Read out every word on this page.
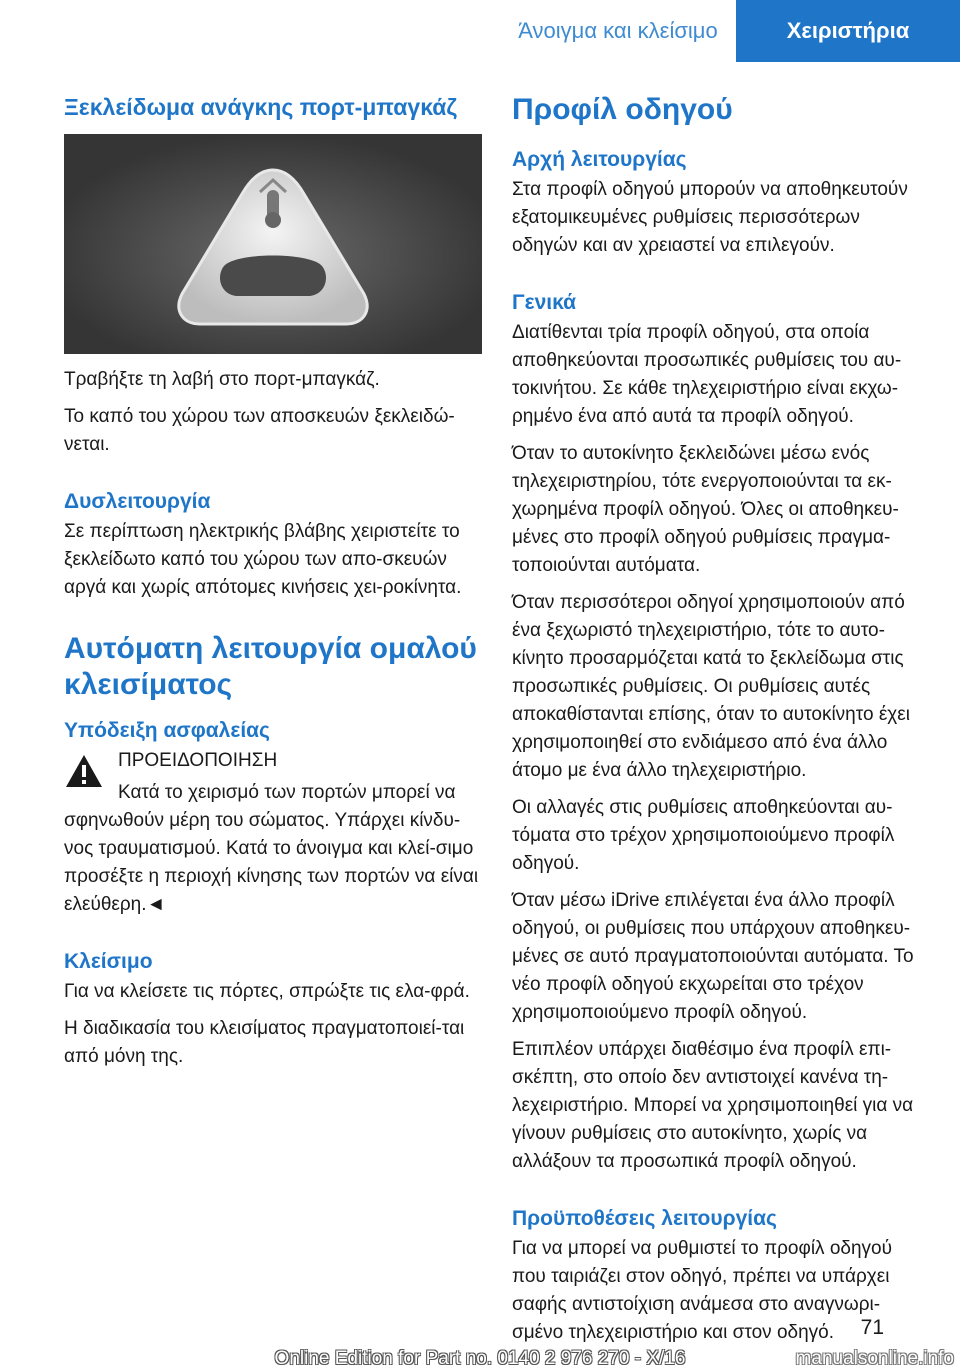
Άνοιγμα και κλείσιμο	Χειριστήρια
Ξεκλείδωμα ανάγκης πορτ-μπαγκάζ

Τραβήξτε τη λαβή στο πορτ-μπαγκάζ.

Το καπό του χώρου των αποσκευών ξεκλειδώ-νεται.

Δυσλειτουργία

Σε περίπτωση ηλεκτρικής βλάβης χειριστείτε το ξεκλείδωτο καπό του χώρου των απο-σκευών αργά και χωρίς απότομες κινήσεις χει-ροκίνητα.

Αυτόματη λειτουργία ομαλού κλεισίματος
Υπόδειξη ασφαλείας

ΠΡΟΕΙΔΟΠΟΙΗΣΗ

Κατά το χειρισμό των πορτών μπορεί να σφηνωθούν μέρη του σώματος. Υπάρχει κίνδυ-νος τραυματισμού. Κατά το άνοιγμα και κλεί-σιμο προσέξτε η περιοχή κίνησης των πορτών να είναι ελεύθερη.◄

Κλείσιμο

Για να κλείσετε τις πόρτες, σπρώξτε τις ελα-φρά.

Η διαδικασία του κλεισίματος πραγματοποιεί-ται από μόνη της.

Προφίλ οδηγού
Αρχή λειτουργίας

Στα προφίλ οδηγού μπορούν να αποθηκευτούν εξατομικευμένες ρυθμίσεις περισσότερων οδηγών και αν χρειαστεί να επιλεγούν.

Γενικά

Διατίθενται τρία προφίλ οδηγού, στα οποία αποθηκεύονται προσωπικές ρυθμίσεις του αυ-τοκινήτου. Σε κάθε τηλεχειριστήριο είναι εκχω-ρημένο ένα από αυτά τα προφίλ οδηγού.

Όταν το αυτοκίνητο ξεκλειδώνει μέσω ενός τηλεχειριστηρίου, τότε ενεργοποιούνται τα εκ-χωρημένα προφίλ οδηγού. Όλες οι αποθηκευ-μένες στο προφίλ οδηγού ρυθμίσεις πραγμα-τοποιούνται αυτόματα.

Όταν περισσότεροι οδηγοί χρησιμοποιούν από ένα ξεχωριστό τηλεχειριστήριο, τότε το αυτο-κίνητο προσαρμόζεται κατά το ξεκλείδωμα στις προσωπικές ρυθμίσεις. Οι ρυθμίσεις αυτές αποκαθίστανται επίσης, όταν το αυτοκίνητο έχει χρησιμοποιηθεί στο ενδιάμεσο από ένα άλλο άτομο με ένα άλλο τηλεχειριστήριο.

Οι αλλαγές στις ρυθμίσεις αποθηκεύονται αυ-τόματα στο τρέχον χρησιμοποιούμενο προφίλ οδηγού.

Όταν μέσω iDrive επιλέγεται ένα άλλο προφίλ οδηγού, οι ρυθμίσεις που υπάρχουν αποθηκευ-μένες σε αυτό πραγματοποιούνται αυτόματα. Το νέο προφίλ οδηγού εκχωρείται στο τρέχον χρησιμοποιούμενο προφίλ οδηγού.

Επιπλέον υπάρχει διαθέσιμο ένα προφίλ επι-σκέπτη, στο οποίο δεν αντιστοιχεί κανένα τη-λεχειριστήριο. Μπορεί να χρησιμοποιηθεί για να γίνουν ρυθμίσεις στο αυτοκίνητο, χωρίς να αλλάξουν τα προσωπικά προφίλ οδηγού.

Προϋποθέσεις λειτουργίας

Για να μπορεί να ρυθμιστεί το προφίλ οδηγού που ταιριάζει στον οδηγό, πρέπει να υπάρχει σαφής αντιστοίχιση ανάμεσα στο αναγνωρι-σμένο τηλεχειριστήριο και στον οδηγό.	71
Online Edition for Part no. 0140 2 976 270 - X/16	manualsonline.info
